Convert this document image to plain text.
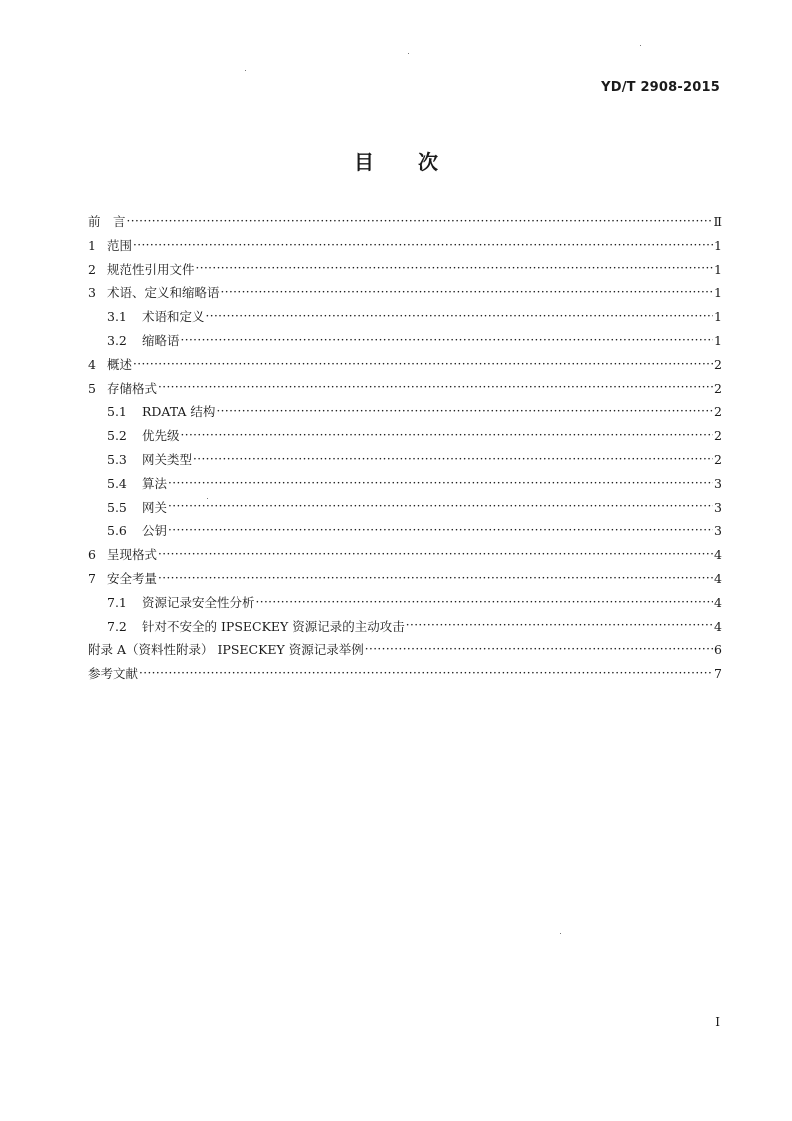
YD/T 2908-2015
目 次
前　言 ·····	Ⅱ
1 范围 ·····	1
2 规范性引用文件 ·····	1
3 术语、定义和缩略语 ·····	1
3.1	术语和定义 ·····	1
3.2	缩略语 ·····	1
4 概述 ·····	2
5 存储格式 ·····	2
5.1	RDATA 结构 ·····	2
5.2	优先级 ·····	2
5.3	网关类型 ·····	2
5.4	算法 ·····	3
5.5	网关 ·····	3
5.6	公钥 ·····	3
6 呈现格式 ·····	4
7 安全考量 ·····	4
7.1	资源记录安全性分析 ·····	4
7.2	针对不安全的 IPSECKEY 资源记录的主动攻击 ·····	4
附录 A（资料性附录） IPSECKEY 资源记录举例 ·····	6
参考文献 ·····	7
I
